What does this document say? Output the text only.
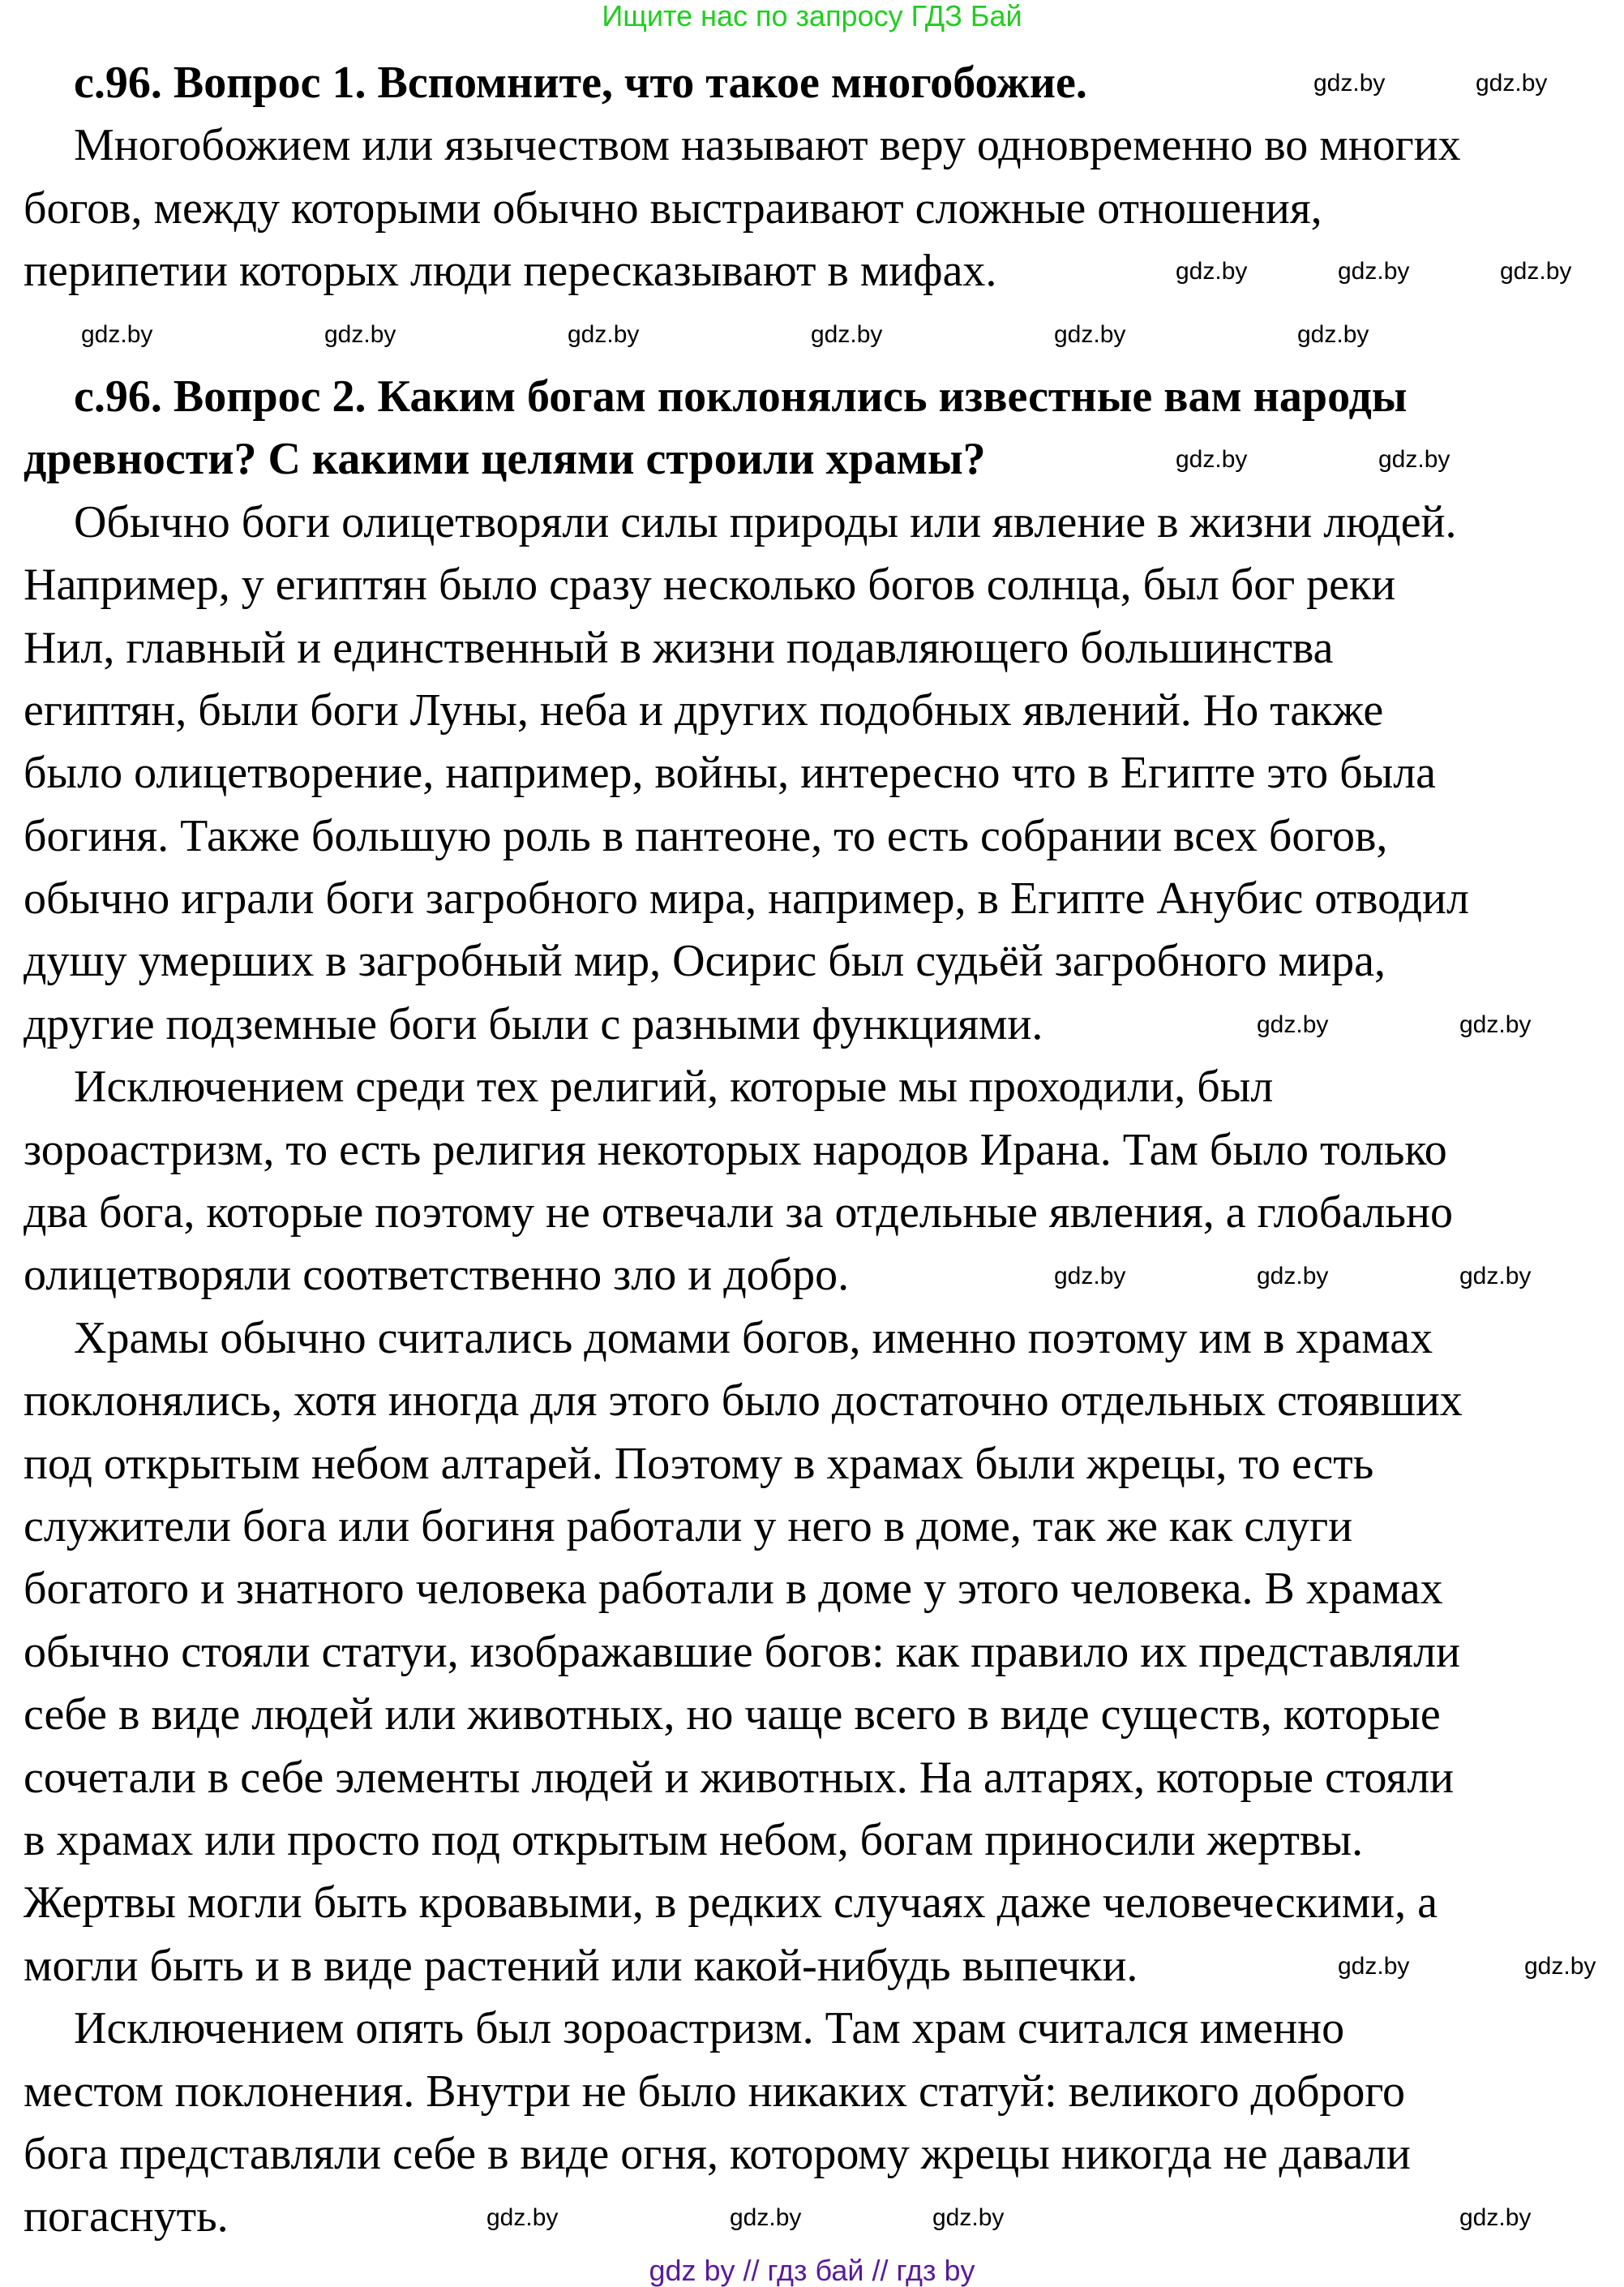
Ищите нас по запросу ГДЗ Бай
с.96. Вопрос 1. Вспомните, что такое многобожие.
Многобожием или язычеством называют веру одновременно во многих
богов, между которыми обычно выстраивают сложные отношения,
перипетии которых люди пересказывают в мифах.
с.96. Вопрос 2. Каким богам поклонялись известные вам народы
древности? С какими целями строили храмы?
Обычно боги олицетворяли силы природы или явление в жизни людей.
Например, у египтян было сразу несколько богов солнца, был бог реки
Нил, главный и единственный в жизни подавляющего большинства
египтян, были боги Луны, неба и других подобных явлений. Но также
было олицетворение, например, войны, интересно что в Египте это была
богиня. Также большую роль в пантеоне, то есть собрании всех богов,
обычно играли боги загробного мира, например, в Египте Анубис отводил
душу умерших в загробный мир, Осирис был судьёй загробного мира,
другие подземные боги были с разными функциями.
Исключением среди тех религий, которые мы проходили, был
зороастризм, то есть религия некоторых народов Ирана. Там было только
два бога, которые поэтому не отвечали за отдельные явления, а глобально
олицетворяли соответственно зло и добро.
Храмы обычно считались домами богов, именно поэтому им в храмах
поклонялись, хотя иногда для этого было достаточно отдельных стоявших
под открытым небом алтарей. Поэтому в храмах были жрецы, то есть
служители бога или богиня работали у него в доме, так же как слуги
богатого и знатного человека работали в доме у этого человека. В храмах
обычно стояли статуи, изображавшие богов: как правило их представляли
себе в виде людей или животных, но чаще всего в виде существ, которые
сочетали в себе элементы людей и животных. На алтарях, которые стояли
в храмах или просто под открытым небом, богам приносили жертвы.
Жертвы могли быть кровавыми, в редких случаях даже человеческими, а
могли быть и в виде растений или какой-нибудь выпечки.
Исключением опять был зороастризм. Там храм считался именно
местом поклонения. Внутри не было никаких статуй: великого доброго
бога представляли себе в виде огня, которому жрецы никогда не давали
погаснуть.
gdz.by	gdz.by
gdz.by	gdz.by	gdz.by
gdz.by	gdz.by	gdz.by	gdz.by	gdz.by	gdz.by
gdz.by	gdz.by
gdz.by	gdz.by
gdz.by	gdz.by	gdz.by
gdz.by	gdz.by
gdz.by	gdz.by	gdz.by	gdz.by
gdz by // гдз бай // гдз by
